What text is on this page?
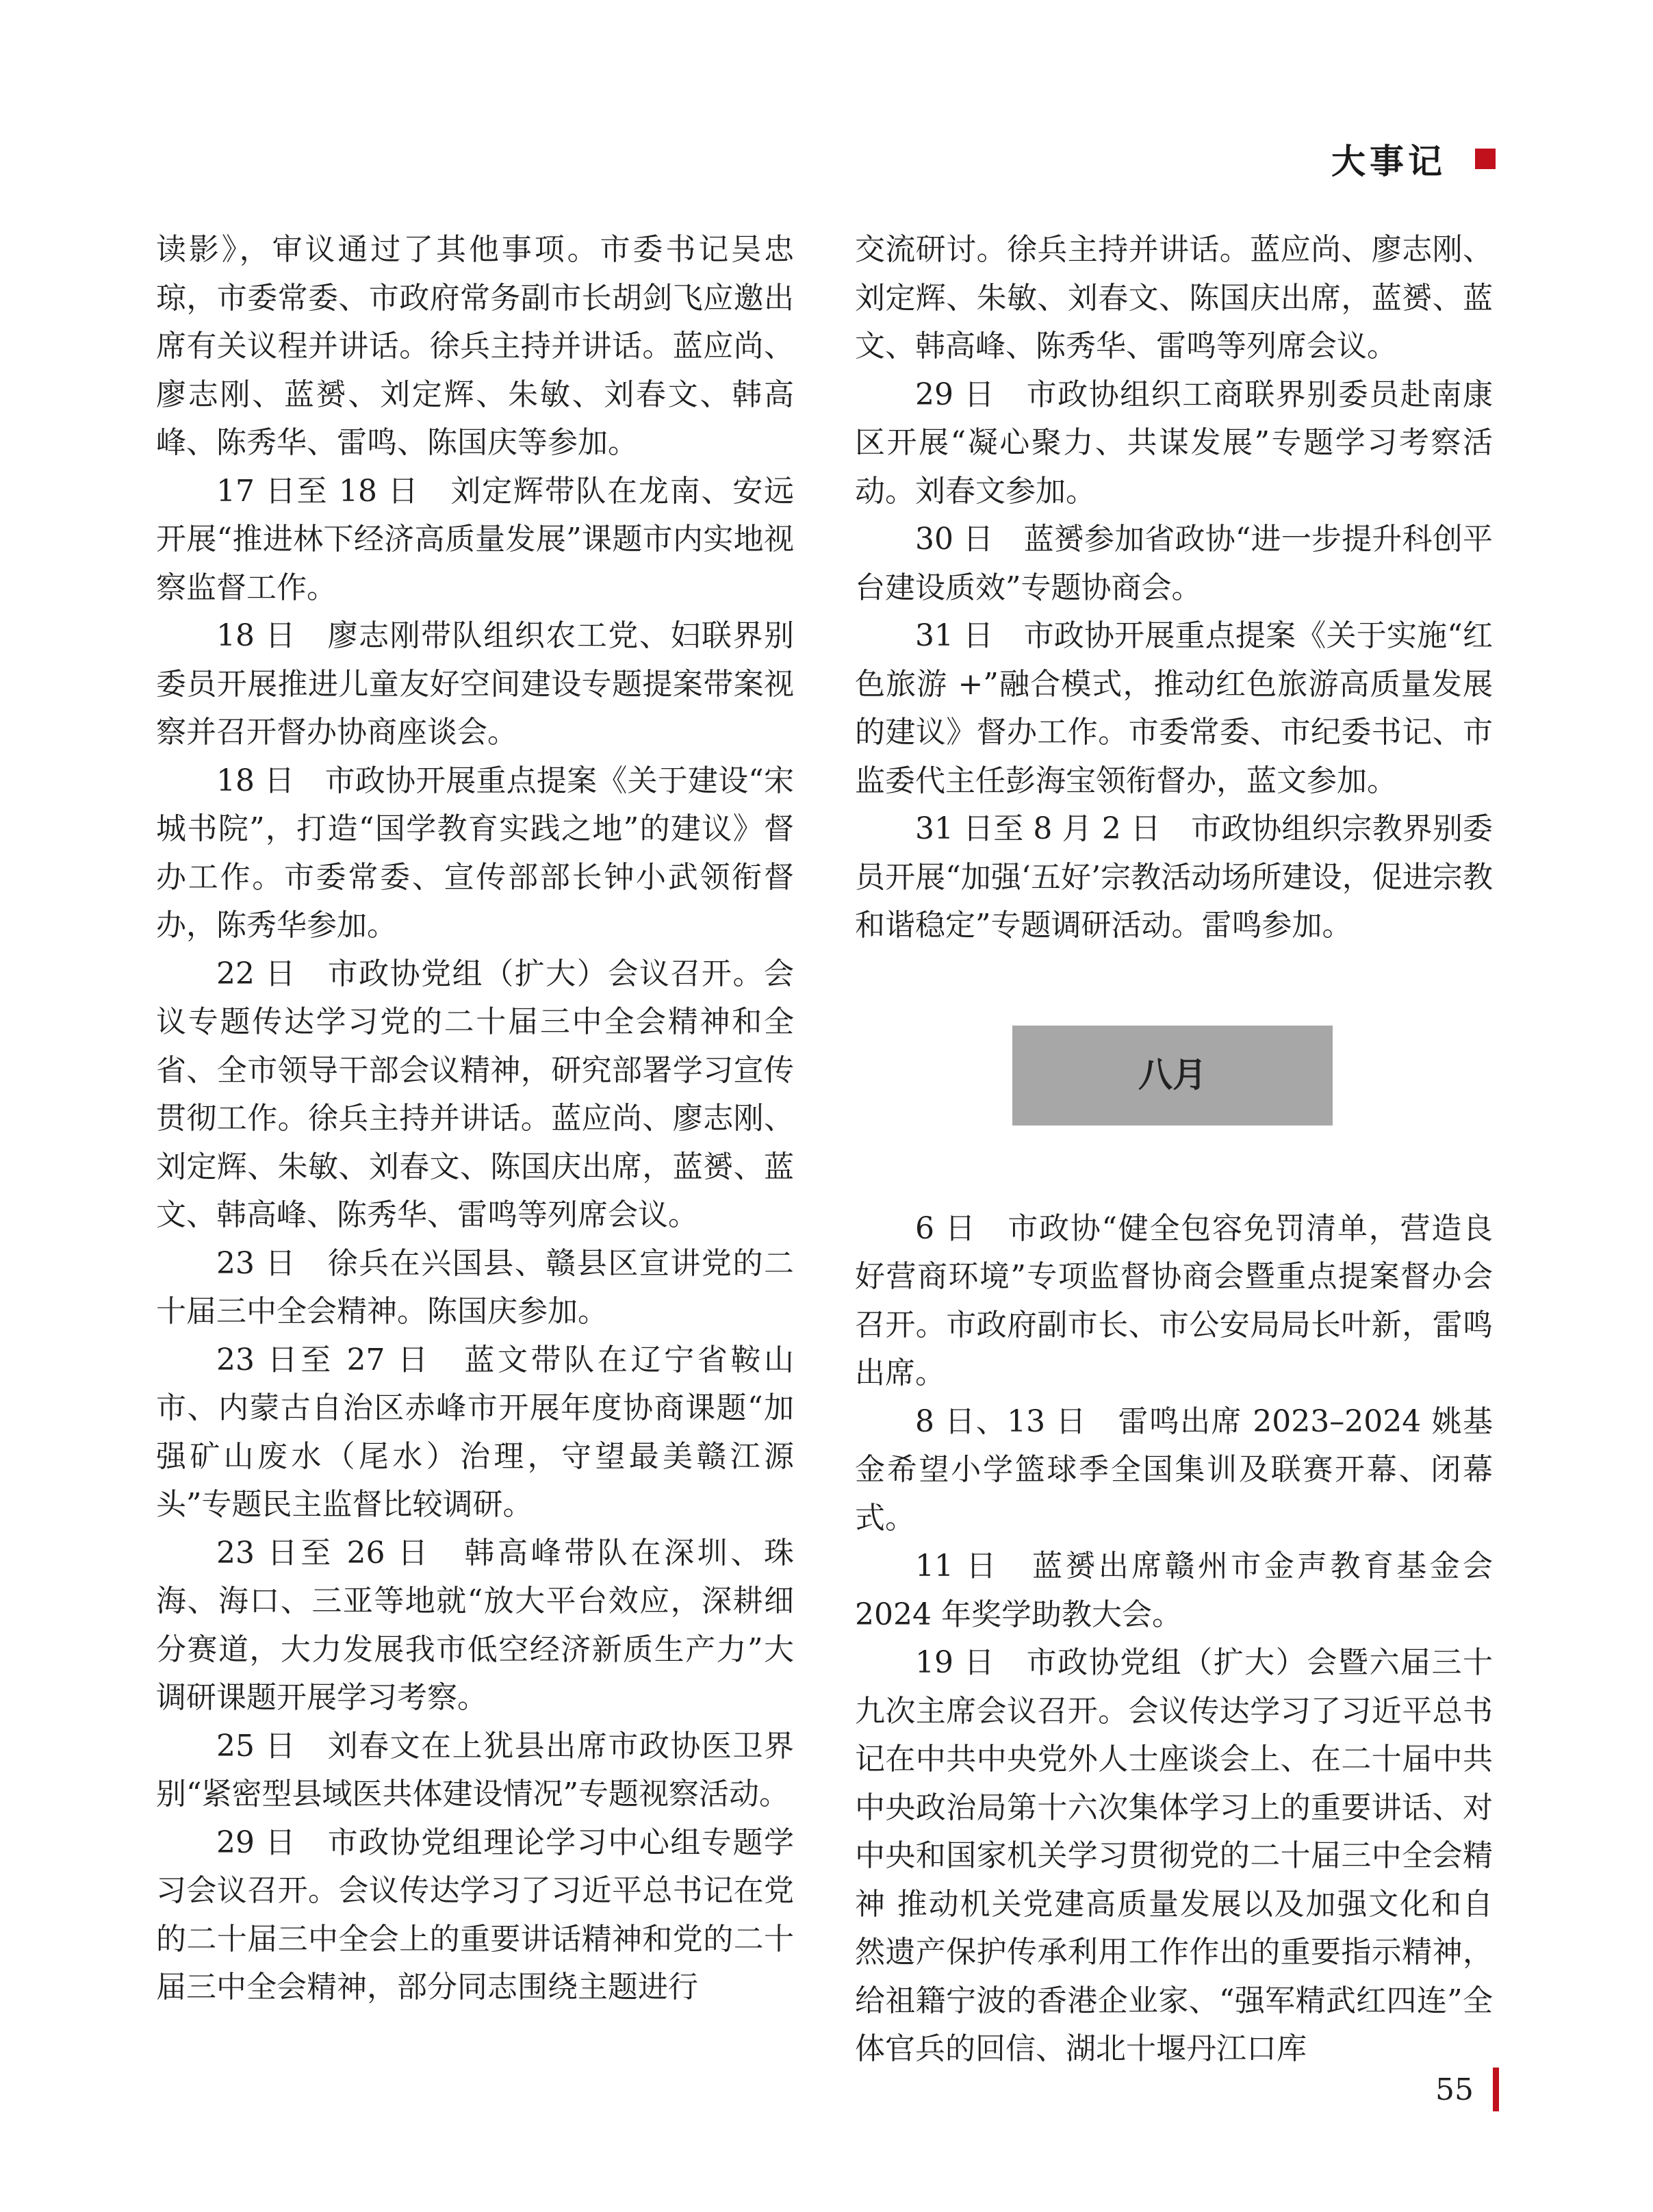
大事记

读影》，审议通过了其他事项。市委书记吴忠琼，市委常委、市政府常务副市长胡剑飞应邀出席有关议程并讲话。徐兵主持并讲话。蓝应尚、廖志刚、蓝赟、刘定辉、朱敏、刘春文、韩高峰、陈秀华、雷鸣、陈国庆等参加。

17 日至 18 日　刘定辉带队在龙南、安远开展“推进林下经济高质量发展”课题市内实地视察监督工作。

18 日　廖志刚带队组织农工党、妇联界别委员开展推进儿童友好空间建设专题提案带案视察并召开督办协商座谈会。

18 日　市政协开展重点提案《关于建设“宋城书院”，打造“国学教育实践之地”的建议》督办工作。市委常委、宣传部部长钟小武领衔督办，陈秀华参加。

22 日　市政协党组（扩大）会议召开。会议专题传达学习党的二十届三中全会精神和全省、全市领导干部会议精神，研究部署学习宣传贯彻工作。徐兵主持并讲话。蓝应尚、廖志刚、刘定辉、朱敏、刘春文、陈国庆出席，蓝赟、蓝文、韩高峰、陈秀华、雷鸣等列席会议。

23 日　徐兵在兴国县、赣县区宣讲党的二十届三中全会精神。陈国庆参加。

23 日至 27 日　蓝文带队在辽宁省鞍山市、内蒙古自治区赤峰市开展年度协商课题“加强矿山废水（尾水）治理，守望最美赣江源头”专题民主监督比较调研。

23 日至 26 日　韩高峰带队在深圳、珠海、海口、三亚等地就“放大平台效应，深耕细分赛道，大力发展我市低空经济新质生产力”大调研课题开展学习考察。

25 日　刘春文在上犹县出席市政协医卫界别“紧密型县域医共体建设情况”专题视察活动。

29 日　市政协党组理论学习中心组专题学习会议召开。会议传达学习了习近平总书记在党的二十届三中全会上的重要讲话精神和党的二十届三中全会精神，部分同志围绕主题进行

交流研讨。徐兵主持并讲话。蓝应尚、廖志刚、刘定辉、朱敏、刘春文、陈国庆出席，蓝赟、蓝文、韩高峰、陈秀华、雷鸣等列席会议。

29 日　市政协组织工商联界别委员赴南康区开展“凝心聚力、共谋发展”专题学习考察活动。刘春文参加。

30 日　蓝赟参加省政协“进一步提升科创平台建设质效”专题协商会。

31 日　市政协开展重点提案《关于实施“红色旅游 +”融合模式，推动红色旅游高质量发展的建议》督办工作。市委常委、市纪委书记、市监委代主任彭海宝领衔督办，蓝文参加。

31 日至 8 月 2 日　市政协组织宗教界别委员开展“加强‘五好’宗教活动场所建设，促进宗教和谐稳定”专题调研活动。雷鸣参加。

八月

6 日　市政协“健全包容免罚清单，营造良好营商环境”专项监督协商会暨重点提案督办会召开。市政府副市长、市公安局局长叶新，雷鸣出席。

8 日、13 日　雷鸣出席 2023–2024 姚基金希望小学篮球季全国集训及联赛开幕、闭幕式。

11 日　蓝赟出席赣州市金声教育基金会 2024 年奖学助教大会。

19 日　市政协党组（扩大）会暨六届三十九次主席会议召开。会议传达学习了习近平总书记在中共中央党外人士座谈会上、在二十届中共中央政治局第十六次集体学习上的重要讲话、对中央和国家机关学习贯彻党的二十届三中全会精神 推动机关党建高质量发展以及加强文化和自然遗产保护传承利用工作作出的重要指示精神，给祖籍宁波的香港企业家、“强军精武红四连”全体官兵的回信、湖北十堰丹江口库

55
